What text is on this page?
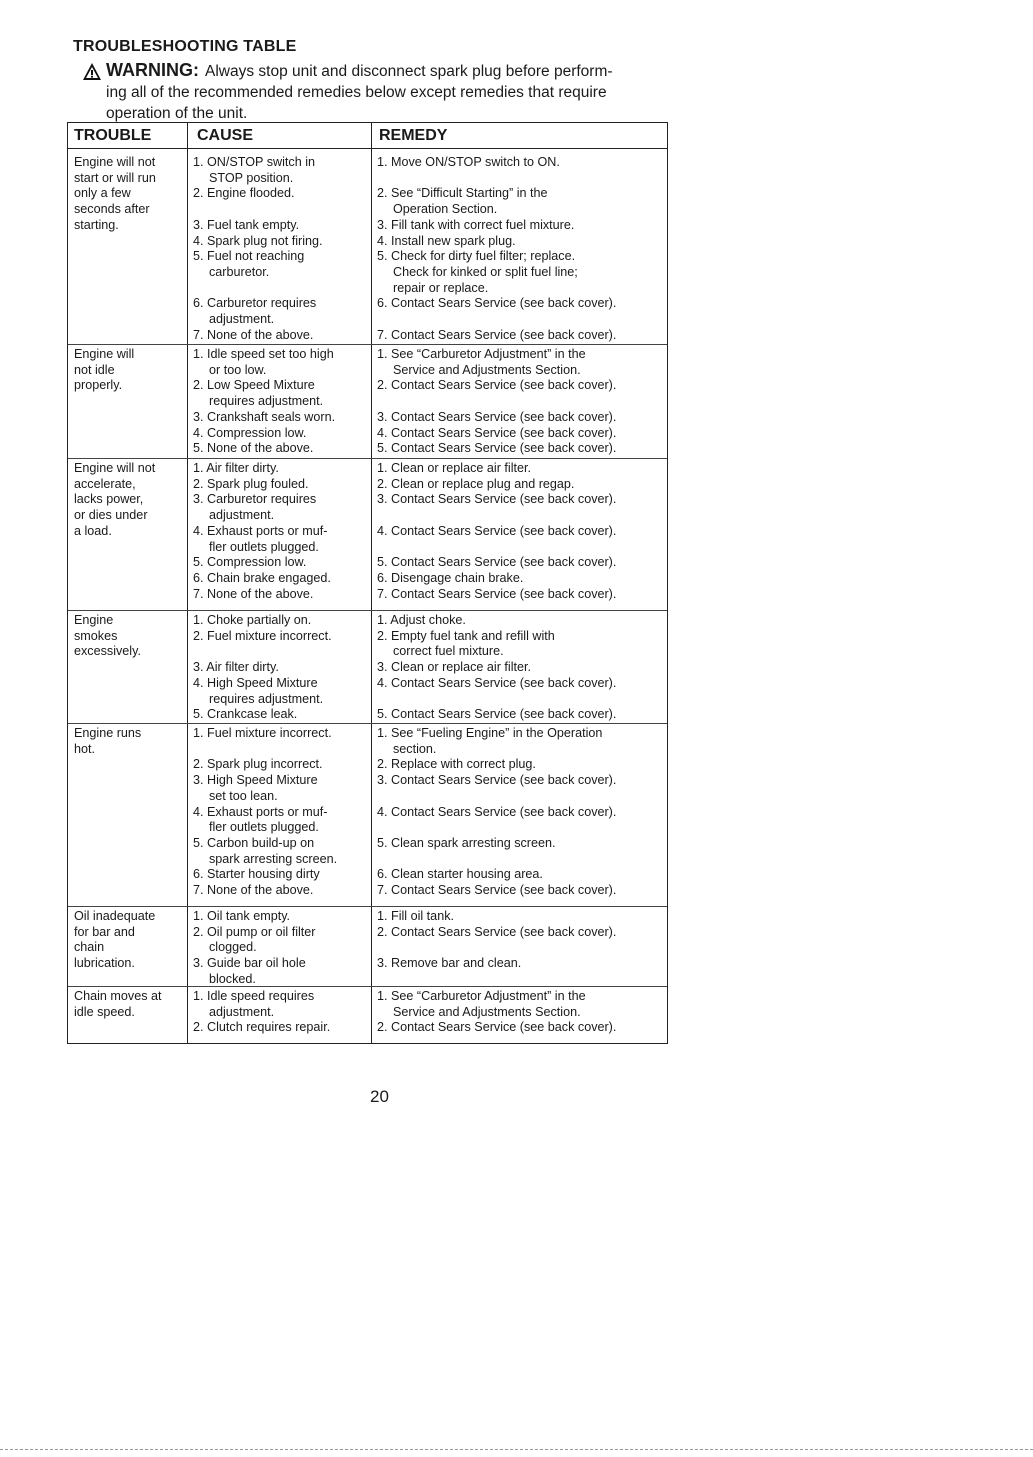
TROUBLESHOOTING TABLE
WARNING: Always stop unit and disconnect spark plug before perform-
ing all of the recommended remedies below except remedies that require
operation of the unit.
TROUBLE	CAUSE	REMEDY
Engine will not
start or will run
only a few
seconds after
starting.
1. ON/STOP switch in
STOP position.
2. Engine flooded.
3. Fuel tank empty.
4. Spark plug not firing.
5. Fuel not reaching
carburetor.
6. Carburetor requires
adjustment.
7. None of the above.
1. Move ON/STOP switch to ON.
2. See “Difficult Starting” in the
Operation Section.
3. Fill tank with correct fuel mixture.
4. Install new spark plug.
5. Check for dirty fuel filter; replace.
Check for kinked or split fuel line;
repair or replace.
6. Contact Sears Service (see back cover).
7. Contact Sears Service (see back cover).
Engine will
not idle
properly.
1. Idle speed set too high
or too low.
2. Low Speed Mixture
requires adjustment.
3. Crankshaft seals worn.
4. Compression low.
5. None of the above.
1. See “Carburetor Adjustment” in the
Service and Adjustments Section.
2. Contact Sears Service (see back cover).
3. Contact Sears Service (see back cover).
4. Contact Sears Service (see back cover).
5. Contact Sears Service (see back cover).
Engine will not
accelerate,
lacks power,
or dies under
a load.
1. Air filter dirty.
2. Spark plug fouled.
3. Carburetor requires
adjustment.
4. Exhaust ports or muf-
fler outlets plugged.
5. Compression low.
6. Chain brake engaged.
7. None of the above.
1. Clean or replace air filter.
2. Clean or replace plug and regap.
3. Contact Sears Service (see back cover).
4. Contact Sears Service (see back cover).
5. Contact Sears Service (see back cover).
6. Disengage chain brake.
7. Contact Sears Service (see back cover).
Engine
smokes
excessively.
1. Choke partially on.
2. Fuel mixture incorrect.
3. Air filter dirty.
4. High Speed Mixture
requires adjustment.
5. Crankcase leak.
1. Adjust choke.
2. Empty fuel tank and refill with
correct fuel mixture.
3. Clean or replace air filter.
4. Contact Sears Service (see back cover).
5. Contact Sears Service (see back cover).
Engine runs
hot.
1. Fuel mixture incorrect.
2. Spark plug incorrect.
3. High Speed Mixture
set too lean.
4. Exhaust ports or muf-
fler outlets plugged.
5. Carbon build-up on
spark arresting screen.
6. Starter housing dirty
7. None of the above.
1. See “Fueling Engine” in the Operation
section.
2. Replace with correct plug.
3. Contact Sears Service (see back cover).
4. Contact Sears Service (see back cover).
5. Clean spark arresting screen.
6. Clean starter housing area.
7. Contact Sears Service (see back cover).
Oil inadequate
for bar and
chain
lubrication.
1. Oil tank empty.
2. Oil pump or oil filter
clogged.
3. Guide bar oil hole
blocked.
1. Fill oil tank.
2. Contact Sears Service (see back cover).
3. Remove bar and clean.
Chain moves at
idle speed.
1. Idle speed requires
adjustment.
2. Clutch requires repair.
1. See “Carburetor Adjustment” in the
Service and Adjustments Section.
2. Contact Sears Service (see back cover).
20
